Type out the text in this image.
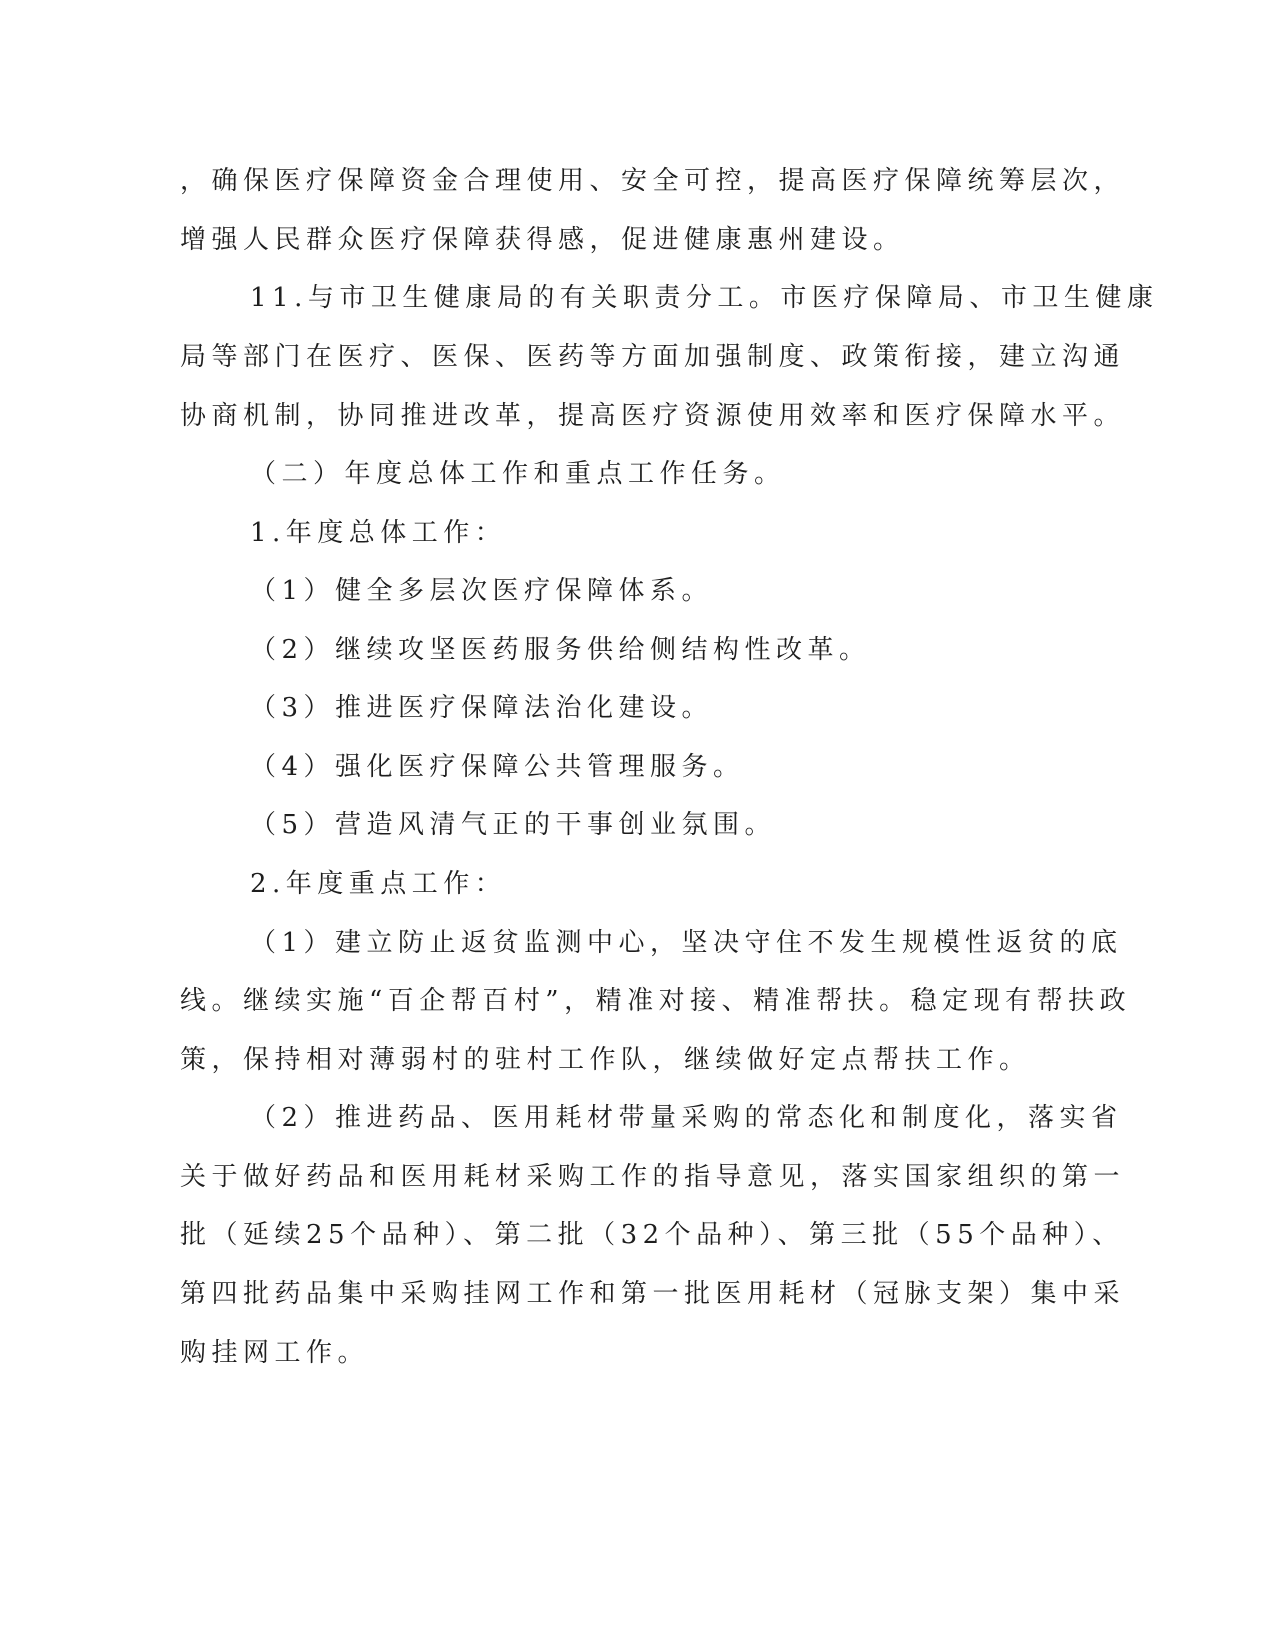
，确保医疗保障资金合理使用、安全可控，提高医疗保障统筹层次，
增强人民群众医疗保障获得感，促进健康惠州建设。
11.与市卫生健康局的有关职责分工。市医疗保障局、市卫生健康
局等部门在医疗、医保、医药等方面加强制度、政策衔接，建立沟通
协商机制，协同推进改革，提高医疗资源使用效率和医疗保障水平。
（二）年度总体工作和重点工作任务。
1.年度总体工作：
（1）健全多层次医疗保障体系。
（2）继续攻坚医药服务供给侧结构性改革。
（3）推进医疗保障法治化建设。
（4）强化医疗保障公共管理服务。
（5）营造风清气正的干事创业氛围。
2.年度重点工作：
（1）建立防止返贫监测中心，坚决守住不发生规模性返贫的底
线。继续实施“百企帮百村”，精准对接、精准帮扶。稳定现有帮扶政
策，保持相对薄弱村的驻村工作队，继续做好定点帮扶工作。
（2）推进药品、医用耗材带量采购的常态化和制度化，落实省
关于做好药品和医用耗材采购工作的指导意见，落实国家组织的第一
批（延续25个品种）、第二批（32个品种）、第三批（55个品种）、
第四批药品集中采购挂网工作和第一批医用耗材（冠脉支架）集中采
购挂网工作。
